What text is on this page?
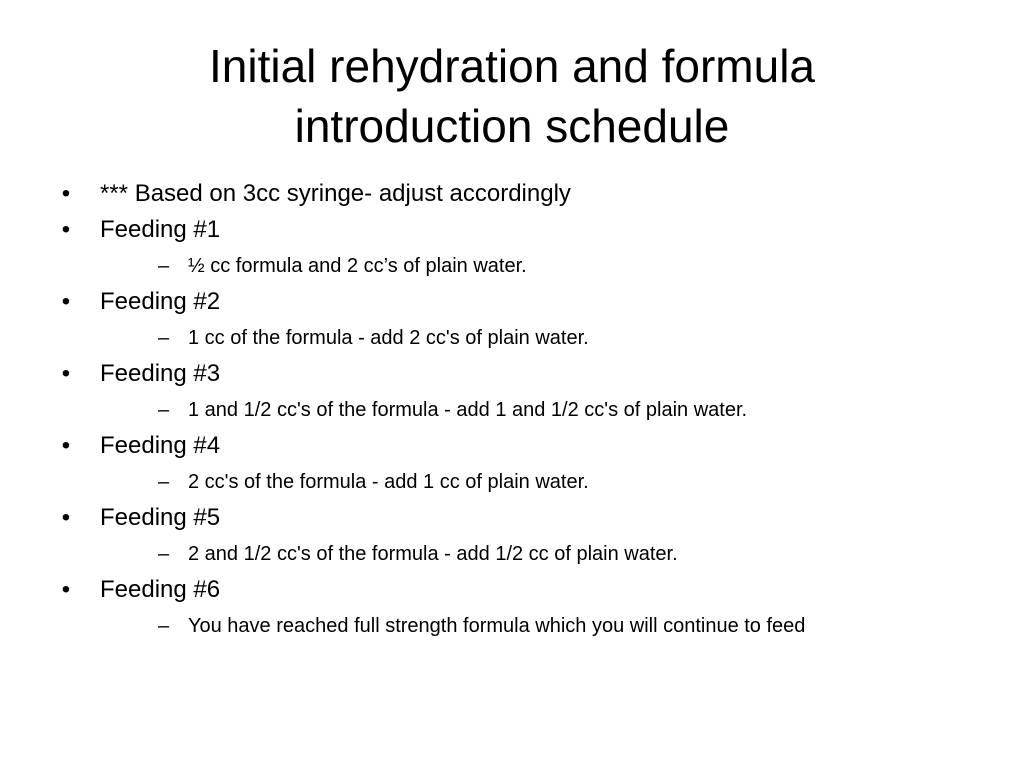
Initial rehydration and formula
introduction schedule
• *** Based on 3cc syringe- adjust accordingly
• Feeding #1
– ½ cc formula and 2 cc’s of plain water.
• Feeding #2
– 1 cc of the formula - add 2 cc's of plain water.
• Feeding #3
– 1 and 1/2 cc's of the formula - add 1 and 1/2 cc's of plain water.
• Feeding #4
– 2 cc's of the formula - add 1 cc of plain water.
• Feeding #5
– 2 and 1/2 cc's of the formula - add 1/2 cc of plain water.
• Feeding #6
– You have reached full strength formula which you will continue to feed
